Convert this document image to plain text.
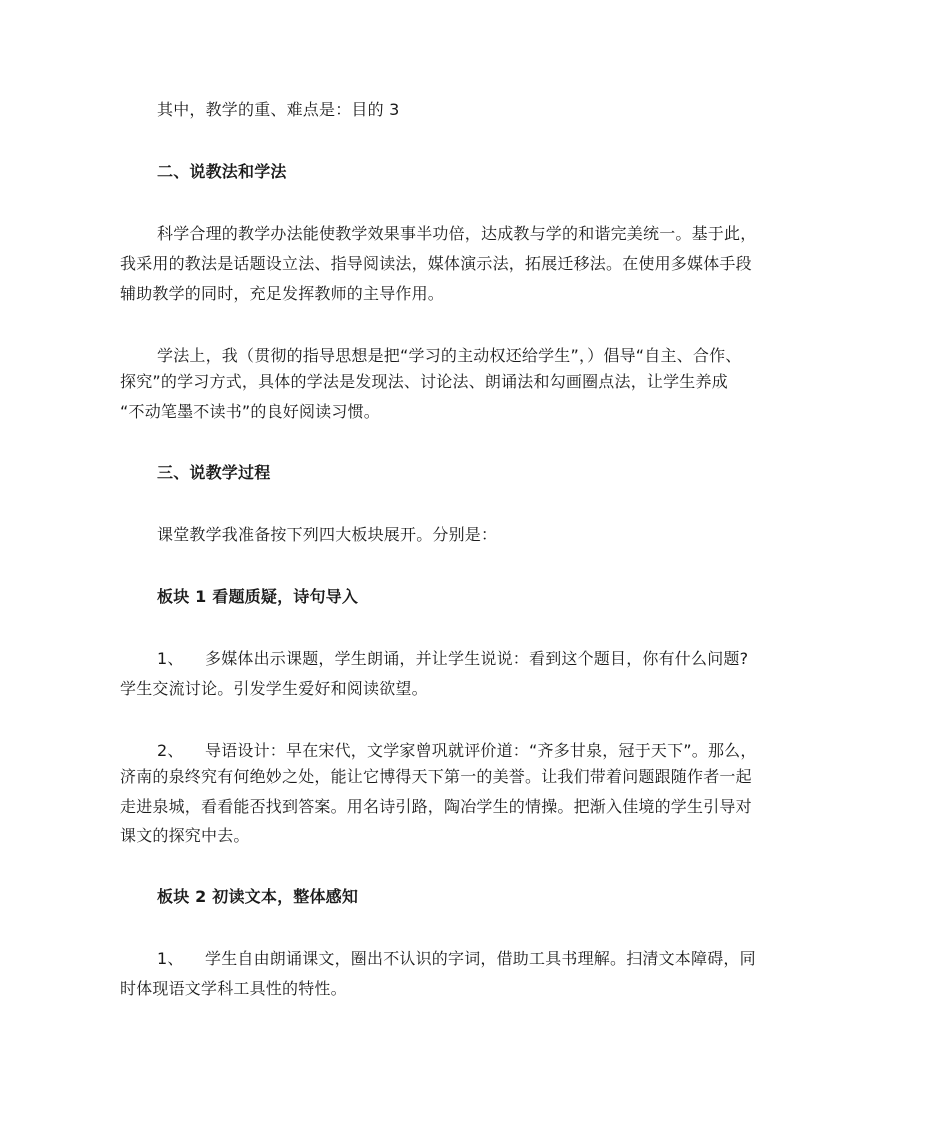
其中，教学的重、难点是：目的 3
二、说教法和学法
科学合理的教学办法能使教学效果事半功倍，达成教与学的和谐完美统一。基于此，
我采用的教法是话题设立法、指导阅读法，媒体演示法，拓展迁移法。在使用多媒体手段
辅助教学的同时，充足发挥教师的主导作用。
学法上，我（贯彻的指导思想是把“学习的主动权还给学生”，）倡导“自主、合作、
探究”的学习方式，具体的学法是发现法、讨论法、朗诵法和勾画圈点法，让学生养成
“不动笔墨不读书”的良好阅读习惯。
三、说教学过程
课堂教学我准备按下列四大板块展开。分别是：
板块 1 看题质疑，诗句导入
1、 多媒体出示课题，学生朗诵，并让学生说说：看到这个题目，你有什么问题?
学生交流讨论。引发学生爱好和阅读欲望。
2、 导语设计：早在宋代，文学家曾巩就评价道：“齐多甘泉，冠于天下”。那么，
济南的泉终究有何绝妙之处，能让它博得天下第一的美誉。让我们带着问题跟随作者一起
走进泉城，看看能否找到答案。用名诗引路，陶冶学生的情操。把渐入佳境的学生引导对
课文的探究中去。
板块 2 初读文本，整体感知
1、 学生自由朗诵课文，圈出不认识的字词，借助工具书理解。扫清文本障碍，同
时体现语文学科工具性的特性。
